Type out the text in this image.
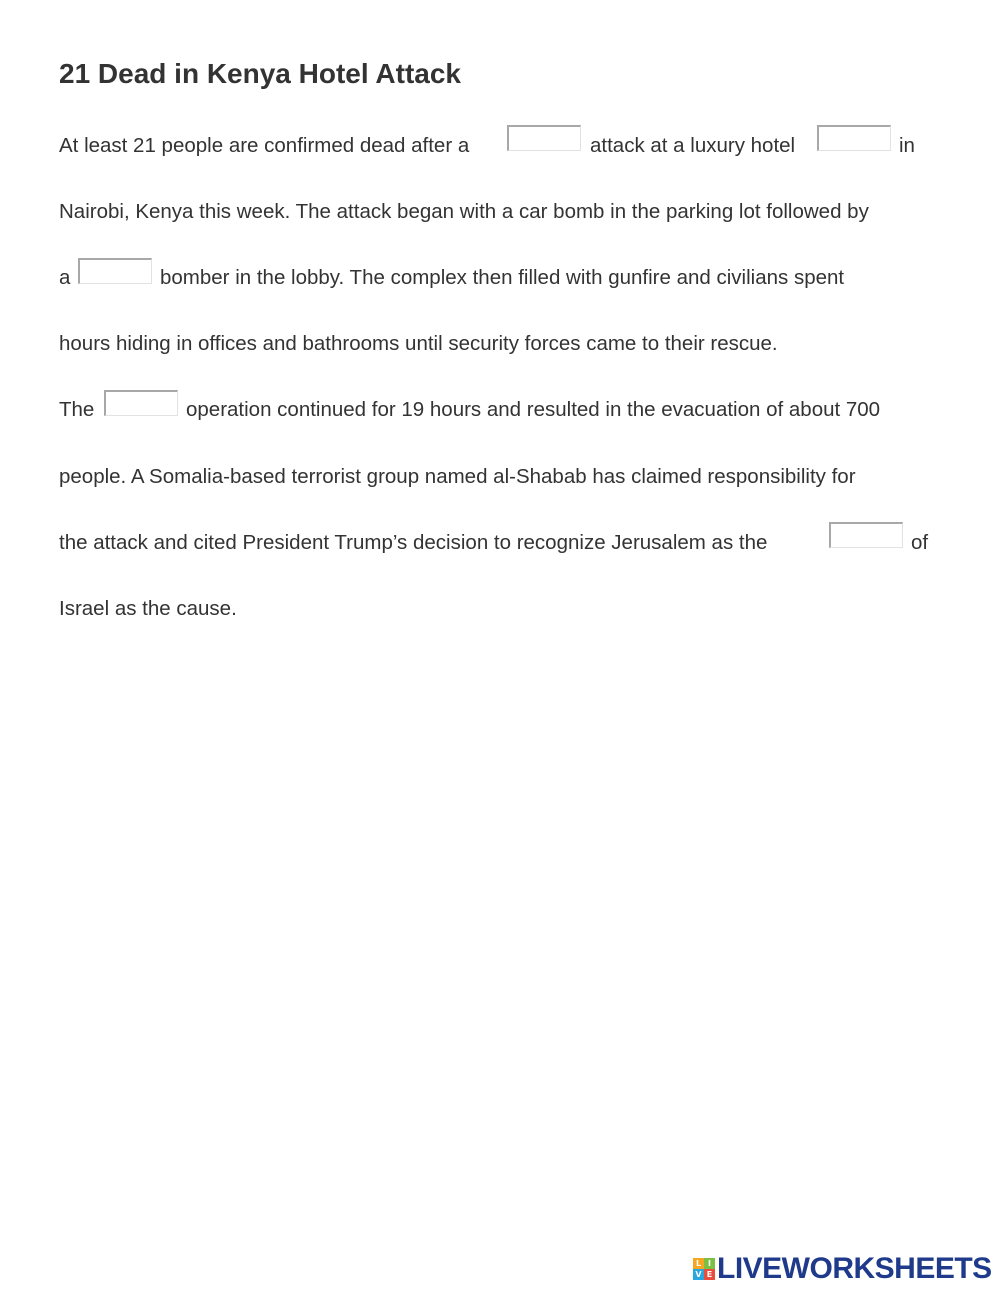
21 Dead in Kenya Hotel Attack
At least 21 people are confirmed dead after a	attack at a luxury hotel	in
Nairobi, Kenya this week. The attack began with a car bomb in the parking lot followed by
a	bomber in the lobby. The complex then filled with gunfire and civilians spent
hours hiding in offices and bathrooms until security forces came to their rescue.
The	operation continued for 19 hours and resulted in the evacuation of about 700
people. A Somalia-based terrorist group named al-Shabab has claimed responsibility for
the attack and cited President Trump’s decision to recognize Jerusalem as the	of
Israel as the cause.
L I
V E LIVEWORKSHEETS
